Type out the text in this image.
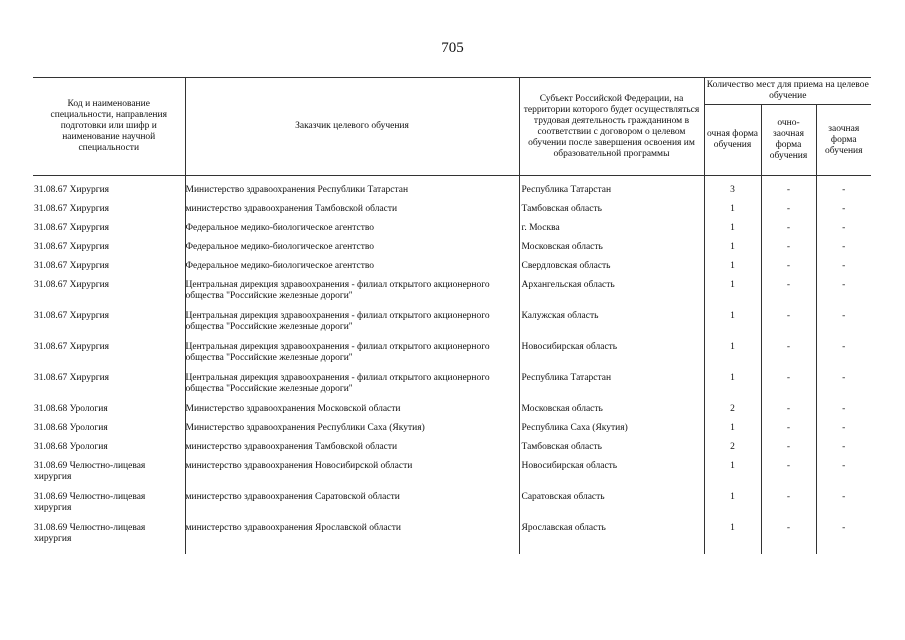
705
Код и наименование специальности, направления подготовки или шифр и наименование научной специальности	Заказчик целевого обучения	Субъект Российской Федерации, на территории которого будет осуществляться трудовая деятельность гражданином в соответствии с договором о целевом обучении после завершения освоения им образовательной программы	Количество мест для приема на целевое обучение		
			очная форма обучения	очно-заочная форма обучения	заочная форма обучения

31.08.67 Хирургия	Министерство здравоохранения Республики Татарстан	Республика Татарстан	3	-	-
31.08.67 Хирургия	министерство здравоохранения Тамбовской области	Тамбовская область	1	-	-
31.08.67 Хирургия	Федеральное медико-биологическое агентство	г. Москва	1	-	-
31.08.67 Хирургия	Федеральное медико-биологическое агентство	Московская область	1	-	-
31.08.67 Хирургия	Федеральное медико-биологическое агентство	Свердловская область	1	-	-
31.08.67 Хирургия	Центральная дирекция здравоохранения - филиал открытого акционерного общества "Российские железные дороги"	Архангельская область	1	-	-
31.08.67 Хирургия	Центральная дирекция здравоохранения - филиал открытого акционерного общества "Российские железные дороги"	Калужская область	1	-	-
31.08.67 Хирургия	Центральная дирекция здравоохранения - филиал открытого акционерного общества "Российские железные дороги"	Новосибирская область	1	-	-
31.08.67 Хирургия	Центральная дирекция здравоохранения - филиал открытого акционерного общества "Российские железные дороги"	Республика Татарстан	1	-	-
31.08.68 Урология	Министерство здравоохранения Московской области	Московская область	2	-	-
31.08.68 Урология	Министерство здравоохранения Республики Саха (Якутия)	Республика Саха (Якутия)	1	-	-
31.08.68 Урология	министерство здравоохранения Тамбовской области	Тамбовская область	2	-	-
31.08.69 Челюстно-лицевая хирургия	министерство здравоохранения Новосибирской области	Новосибирская область	1	-	-
31.08.69 Челюстно-лицевая хирургия	министерство здравоохранения Саратовской области	Саратовская область	1	-	-
31.08.69 Челюстно-лицевая хирургия	министерство здравоохранения Ярославской области	Ярославская область	1	-	-
